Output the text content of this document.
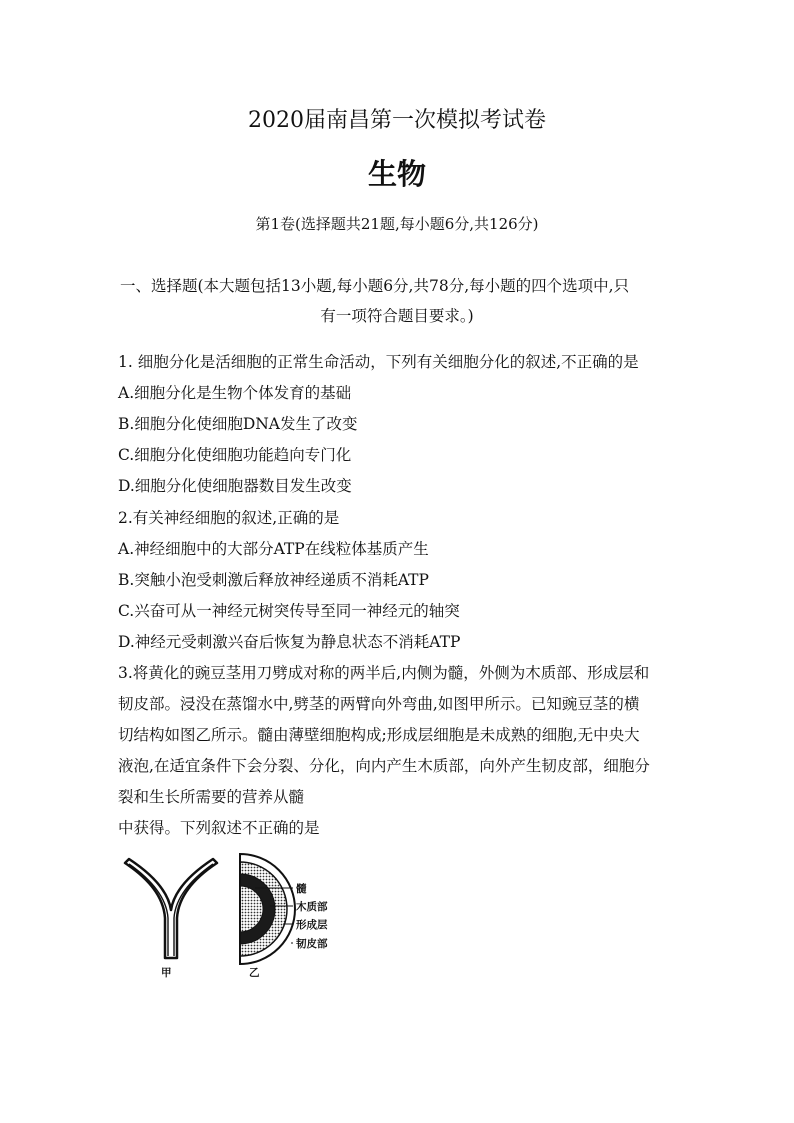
2020届南昌第一次模拟考试卷
生物
第1卷(选择题共21题,每小题6分,共126分)
一、选择题(本大题包括13小题,每小题6分,共78分,每小题的四个选项中,只
有一项符合题目要求。)
1. 细胞分化是活细胞的正常生命活动，下列有关细胞分化的叙述,不正确的是
A.细胞分化是生物个体发育的基础
B.细胞分化使细胞DNA发生了改变
C.细胞分化使细胞功能趋向专门化
D.细胞分化使细胞器数目发生改变
2.有关神经细胞的叙述,正确的是
A.神经细胞中的大部分ATP在线粒体基质产生
B.突触小泡受刺激后释放神经递质不消耗ATP
C.兴奋可从一神经元树突传导至同一神经元的轴突
D.神经元受刺激兴奋后恢复为静息状态不消耗ATP
3.将黄化的豌豆茎用刀劈成对称的两半后,内侧为髓，外侧为木质部、形成层和
韧皮部。浸没在蒸馏水中,劈茎的两臂向外弯曲,如图甲所示。已知豌豆茎的横
切结构如图乙所示。髓由薄壁细胞构成;形成层细胞是未成熟的细胞,无中央大
液泡,在适宜条件下会分裂、分化，向内产生木质部，向外产生韧皮部，细胞分
裂和生长所需要的营养从髓
中获得。下列叙述不正确的是
甲
髓
木质部
形成层
韧皮部
乙
